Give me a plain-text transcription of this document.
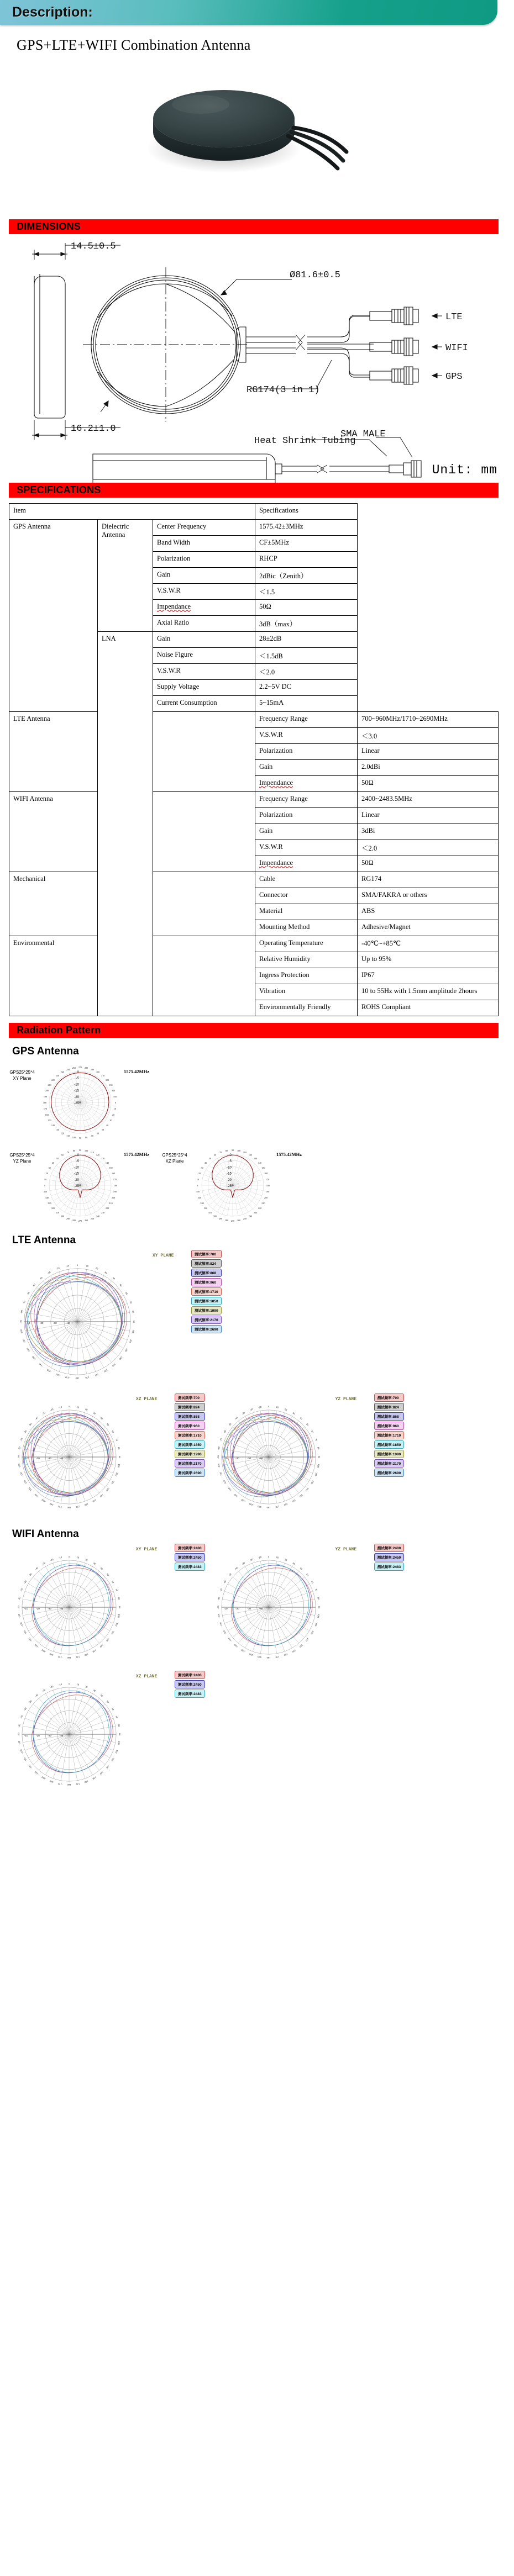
Description:
GPS+LTE+WIFI Combination Antenna
DIMENSIONS
14.5±0.5
16.2±1.0
Ø81.6±0.5
LTE
WIFI
GPS
RG174(3 in 1)
SMA MALE
Heat Shrink Tubing
Unit: mm
SPECIFICATIONS
Item			Specifications	
GPS Antenna	Dielectric Antenna	Center Frequency	1575.42±3MHz	
		Band Width	CF±5MHz	
		Polarization	RHCP	
		Gain	2dBic（Zenith）	
		V.S.W.R	＜1.5	
		Impendance	50Ω	
		Axial Ratio	3dB（max）	
	LNA	Gain	28±2dB	
		Noise Figure	＜1.5dB	
		V.S.W.R	＜2.0	
		Supply Voltage	2.2~5V DC	
		Current Consumption	5~15mA	
LTE Antenna			Frequency Range	700~960MHz/1710~2690MHz
			V.S.W.R	＜3.0
			Polarization	Linear
			Gain	2.0dBi
			Impendance	50Ω
WIFI Antenna			Frequency Range	2400~2483.5MHz
			Polarization	Linear
			Gain	3dBi
			V.S.W.R	＜2.0
			Impendance	50Ω
Mechanical			Cable	RG174
			Connector	SMA/FAKRA or others
			Material	ABS
			Mounting Method	Adhesive/Magnet
Environmental			Operating Temperature	-40℃~+85℃
			Relative Humidity	Up to 95%
			Ingress Protection	IP67
			Vibration	10 to 55Hz with 1.5mm amplitude 2hours
			Environmentally Friendly	ROHS Compliant
Radiation Pattern
GPS Antenna
GPS25*25*4
XY Plane
270 280
290
300
310
320
330
340
350
0
10
20
30
40
50
60
70
80
90
100
110
120
130
140
150
160
170
180
190
200
210
220
230
240
250
260
0
-5
-10
-15
-20
-25
1575.42MHz
GPS25*25*4
YZ Plane
90 100
110
120
130
140
150
160
170
180
190
200
210
220
230
240
250
260
270
280
290
300
310
320
330
340
350
0
10
20
30
40
50
60
70
80
0
-5
-10
-15
-20
-25
1575.42MHz	GPS25*25*4
XZ Plane
90 100
110
120
130
140
150
160
170
180
190
200
210
220
230
240
250
260
270
280
290
300
310
320
330
340
350
0
10
20
30
40
50
60
70
80
0
-5
-10
-15
-20
-25
1575.42MHz
LTE Antenna
0	10
20
30
40
50
60
70
80
90
100
110
120
130
140
150
160
170
180
-170
-160
-150
-140
-130
-120
-110
-100
-90
-80
-70
-60
-50
-40
-30
-20
-10
-10	-20	-30	-40
XY PLANE	测试频率:700
测试频率:824
测试频率:868
测试频率:960
测试频率:1710
测试频率:1850
测试频率:1990
测试频率:2170
测试频率:2690
0	10
20
30
40
50
60
70
80
90
100
110
120
130
140
150
160
170
180
-170
-160
-150
-140
-130
-120
-110
-100
-90
-80
-70
-60
-50
-40
-30
-20
-10
-10	-20	-30	-40
XZ PLANE	测试频率:700
测试频率:824
测试频率:868
测试频率:960
测试频率:1710
测试频率:1850
测试频率:1990
测试频率:2170
测试频率:2690
0	10
20
30
40
50
60
70
80
90
100
110
120
130
140
150
160
170
180
-170
-160
-150
-140
-130
-120
-110
-100
-90
-80
-70
-60
-50
-40
-30
-20
-10
-10	-20	-30	-40
YZ PLANE	测试频率:700
测试频率:824
测试频率:868
测试频率:960
测试频率:1710
测试频率:1850
测试频率:1990
测试频率:2170
测试频率:2690
WIFI Antenna
0	10
20
30
40
50
60
70
80
90
100
110
120
130
140
150
160
170
180
-170
-160
-150
-140
-130
-120
-110
-100
-90
-80
-70
-60
-50
-40
-30
-20
-10
-10	-20	-30	-40
XY PLANE	测试频率:2400
测试频率:2450
测试频率:2483
0	10
20
30
40
50
60
70
80
90
100
110
120
130
140
150
160
170
180
-170
-160
-150
-140
-130
-120
-110
-100
-90
-80
-70
-60
-50
-40
-30
-20
-10
-10	-20	-30	-40
YZ PLANE	测试频率:2400
测试频率:2450
测试频率:2483
0	10
20
30
40
50
60
70
80
90
100
110
120
130
140
150
160
170
180
-170
-160
-150
-140
-130
-120
-110
-100
-90
-80
-70
-60
-50
-40
-30
-20
-10
-10	-20	-30	-40
XZ PLANE	测试频率:2400
测试频率:2450
测试频率:2483
